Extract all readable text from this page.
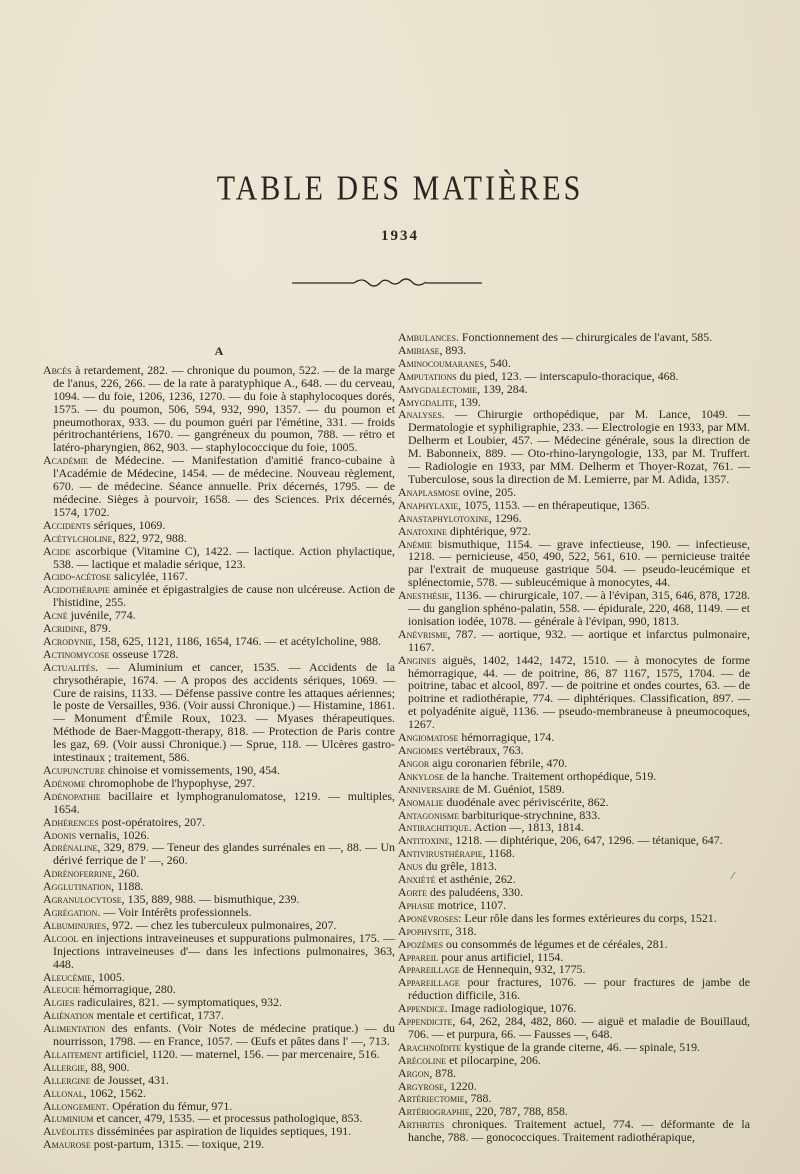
TABLE DES MATIÈRES
1934
A

Abcès à retardement, 282. — chronique du poumon, 522. — de la marge de l'anus, 226, 266. — de la rate à paratyphique A., 648. — du cerveau, 1094. — du foie, 1206, 1236, 1270. — du foie à staphylocoques dorés, 1575. — du poumon, 506, 594, 932, 990, 1357. — du poumon et pneumothorax, 933. — du poumon guéri par l'émétine, 331. — froids péritrochantériens, 1670. — gangréneux du poumon, 788. — rétro et latéro-pharyngien, 862, 903. — staphylococcique du foie, 1005.

Académie de Médecine. — Manifestation d'amitié franco-cubaine à l'Académie de Médecine, 1454. — de médecine. Nouveau règlement, 670. — de médecine. Séance annuelle. Prix décernés, 1795. — de médecine. Sièges à pourvoir, 1658. — des Sciences. Prix décernés, 1574, 1702.

Accidents sériques, 1069.

Acétylcholine, 822, 972, 988.

Acide ascorbique (Vitamine C), 1422. — lactique. Action phylactique, 538. — lactique et maladie sérique, 123.

Acido-acétose salicylée, 1167.

Acidothérapie aminée et épigastralgies de cause non ulcéreuse. Action de l'histidine, 255.

Acné juvénile, 774.

Acridine, 879.

Acrodynie, 158, 625, 1121, 1186, 1654, 1746. — et acétylcholine, 988.

Actinomycose osseuse 1728.

Actualités. — Aluminium et cancer, 1535. — Accidents de la chrysothérapie, 1674. — A propos des accidents sériques, 1069. — Cure de raisins, 1133. — Défense passive contre les attaques aériennes; le poste de Versailles, 936. (Voir aussi Chronique.) — Histamine, 1861. — Monument d'Émile Roux, 1023. — Myases thérapeutiques. Méthode de Baer-Maggott-therapy, 818. — Protection de Paris contre les gaz, 69. (Voir aussi Chronique.) — Sprue, 118. — Ulcères gastro-intestinaux ; traitement, 586.

Acupuncture chinoise et vomissements, 190, 454.

Adénome chromophobe de l'hypophyse, 297.

Adénopathie bacillaire et lymphogranulomatose, 1219. — multiples, 1654.

Adhérences post-opératoires, 207.

Adonis vernalis, 1026.

Adrénaline, 329, 879. — Teneur des glandes surrénales en —, 88. — Un dérivé ferrique de l' —, 260.

Adrénoferrine, 260.

Agglutination, 1188.

Agranulocytose, 135, 889, 988. — bismuthique, 239.

Agrégation. — Voir Intérêts professionnels.

Albuminuries, 972. — chez les tuberculeux pulmonaires, 207.

Alcool en injections intraveineuses et suppurations pulmonaires, 175. — Injections intraveineuses d'— dans les infections pulmonaires, 363, 448.

Aleucémie, 1005.

Aleucie hémorragique, 280.

Algies radiculaires, 821. — symptomatiques, 932.

Aliénation mentale et certificat, 1737.

Alimentation des enfants. (Voir Notes de médecine pratique.) — du nourrisson, 1798. — en France, 1057. — Œufs et pâtes dans l' —, 713.

Allaitement artificiel, 1120. — maternel, 156. — par mercenaire, 516.

Allergie, 88, 900.

Allergine de Jousset, 431.

Allonal, 1062, 1562.

Allongement. Opération du fémur, 971.

Aluminium et cancer, 479, 1535. — et processus pathologique, 853.

Alvéolites disséminées par aspiration de liquides septiques, 191.

Amaurose post-partum, 1315. — toxique, 219.

Ambulances. Fonctionnement des — chirurgicales de l'avant, 585.

Amibiase, 893.

Aminocoumaranes, 540.

Amputations du pied, 123. — interscapulo-thoracique, 468.

Amygdalectomie, 139, 284.

Amygdalite, 139.

Analyses. — Chirurgie orthopédique, par M. Lance, 1049. — Dermatologie et syphiligraphie, 233. — Electrologie en 1933, par MM. Delherm et Loubier, 457. — Médecine générale, sous la direction de M. Babonneix, 889. — Oto-rhino-laryngologie, 133, par M. Truffert. — Radiologie en 1933, par MM. Delherm et Thoyer-Rozat, 761. — Tuberculose, sous la direction de M. Lemierre, par M. Adida, 1357.

Anaplasmose ovine, 205.

Anaphylaxie, 1075, 1153. — en thérapeutique, 1365.

Anastaphylotoxine, 1296.

Anatoxine diphtérique, 972.

Anémie bismuthique, 1154. — grave infectieuse, 190. — infectieuse, 1218. — pernicieuse, 450, 490, 522, 561, 610. — pernicieuse traitée par l'extrait de muqueuse gastrique 504. — pseudo-leucémique et splénectomie, 578. — subleucémique à monocytes, 44.

Anesthésie, 1136. — chirurgicale, 107. — à l'évipan, 315, 646, 878, 1728. — du ganglion sphéno-palatin, 558. — épidurale, 220, 468, 1149. — et ionisation iodée, 1078. — générale à l'évipan, 990, 1813.

Anévrisme, 787. — aortique, 932. — aortique et infarctus pulmonaire, 1167.

Angines aiguës, 1402, 1442, 1472, 1510. — à monocytes de forme hémorragique, 44. — de poitrine, 86, 87 1167, 1575, 1704. — de poitrine, tabac et alcool, 897. — de poitrine et ondes courtes, 63. — de poitrine et radiothérapie, 774. — diphtériques. Classification, 897. — et polyadénite aiguë, 1136. — pseudo-membraneuse à pneumocoques, 1267.

Angiomatose hémorragique, 174.

Angiomes vertébraux, 763.

Angor aigu coronarien fébrile, 470.

Ankylose de la hanche. Traitement orthopédique, 519.

Anniversaire de M. Guéniot, 1589.

Anomalie duodénale avec périviscérite, 862.

Antagonisme barbiturique-strychnine, 833.

Antirachitique. Action —, 1813, 1814.

Antitoxine, 1218. — diphtérique, 206, 647, 1296. — tétanique, 647.

Antivirusthérapie, 1168.

Anus du grêle, 1813.

Anxiété et asthénie, 262.

Aorte des paludéens, 330.

Aphasie motrice, 1107.

Aponévroses: Leur rôle dans les formes extérieures du corps, 1521.

Apophysite, 318.

Apozèmes ou consommés de légumes et de céréales, 281.

Appareil pour anus artificiel, 1154.

Appareillage de Hennequin, 932, 1775.

Appareillage pour fractures, 1076. — pour fractures de jambe de réduction difficile, 316.

Appendice. Image radiologique, 1076.

Appendicite, 64, 262, 284, 482, 860. — aiguë et maladie de Bouillaud, 706. — et purpura, 66. — Fausses —, 648.

Arachnoïdite kystique de la grande citerne, 46. — spinale, 519.

Arécoline et pilocarpine, 206.

Argon, 878.

Argyrose, 1220.

Artériectomie, 788.

Artériographie, 220, 787, 788, 858.

Arthrites chroniques. Traitement actuel, 774. — déformante de la hanche, 788. — gonococciques. Traitement radiothérapique,

⁄
